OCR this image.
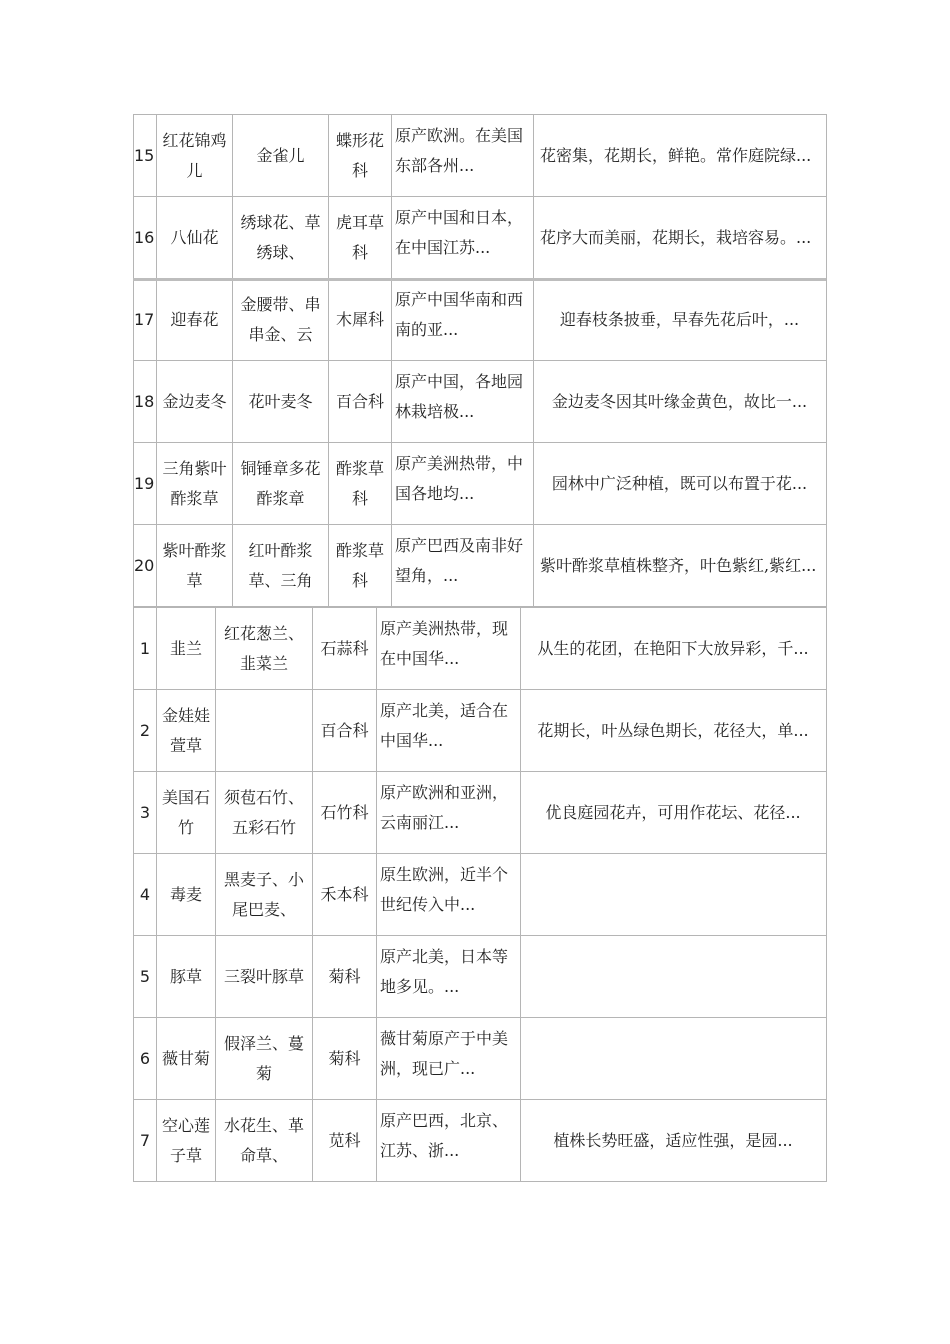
15	红花锦鸡儿	金雀儿	蝶形花科	原产欧洲。在美国东部各州...	花密集，花期长，鲜艳。常作庭院绿...
16	八仙花	绣球花、草绣球、	虎耳草科	原产中国和日本，在中国江苏...	花序大而美丽，花期长，栽培容易。...
17	迎春花	金腰带、串串金、云	木犀科	原产中国华南和西南的亚...	迎春枝条披垂，早春先花后叶，...
18	金边麦冬	花叶麦冬	百合科	原产中国，各地园林栽培极...	金边麦冬因其叶缘金黄色，故比一...
19	三角紫叶酢浆草	铜锤章多花酢浆章	酢浆草科	原产美洲热带，中国各地均...	园林中广泛种植，既可以布置于花...
20	紫叶酢浆草	红叶酢浆草、三角	酢浆草科	原产巴西及南非好望角，...	紫叶酢浆草植株整齐，叶色紫红,紫红...
1	韭兰	红花葱兰、韭菜兰	石蒜科	原产美洲热带，现在中国华...	从生的花团，在艳阳下大放异彩，千...
2	金娃娃萱草		百合科	原产北美，适合在中国华...	花期长，叶丛绿色期长，花径大，单...
3	美国石竹	须苞石竹、五彩石竹	石竹科	原产欧洲和亚洲，云南丽江...	优良庭园花卉，可用作花坛、花径...
4	毒麦	黑麦子、小尾巴麦、	禾本科	原生欧洲，近半个世纪传入中...	
5	豚草	三裂叶豚草	菊科	原产北美，日本等地多见。...	
6	薇甘菊	假泽兰、蔓菊	菊科	薇甘菊原产于中美洲，现已广...	
7	空心莲子草	水花生、革命草、	苋科	原产巴西，北京、江苏、浙...	植株长势旺盛，适应性强，是园...
